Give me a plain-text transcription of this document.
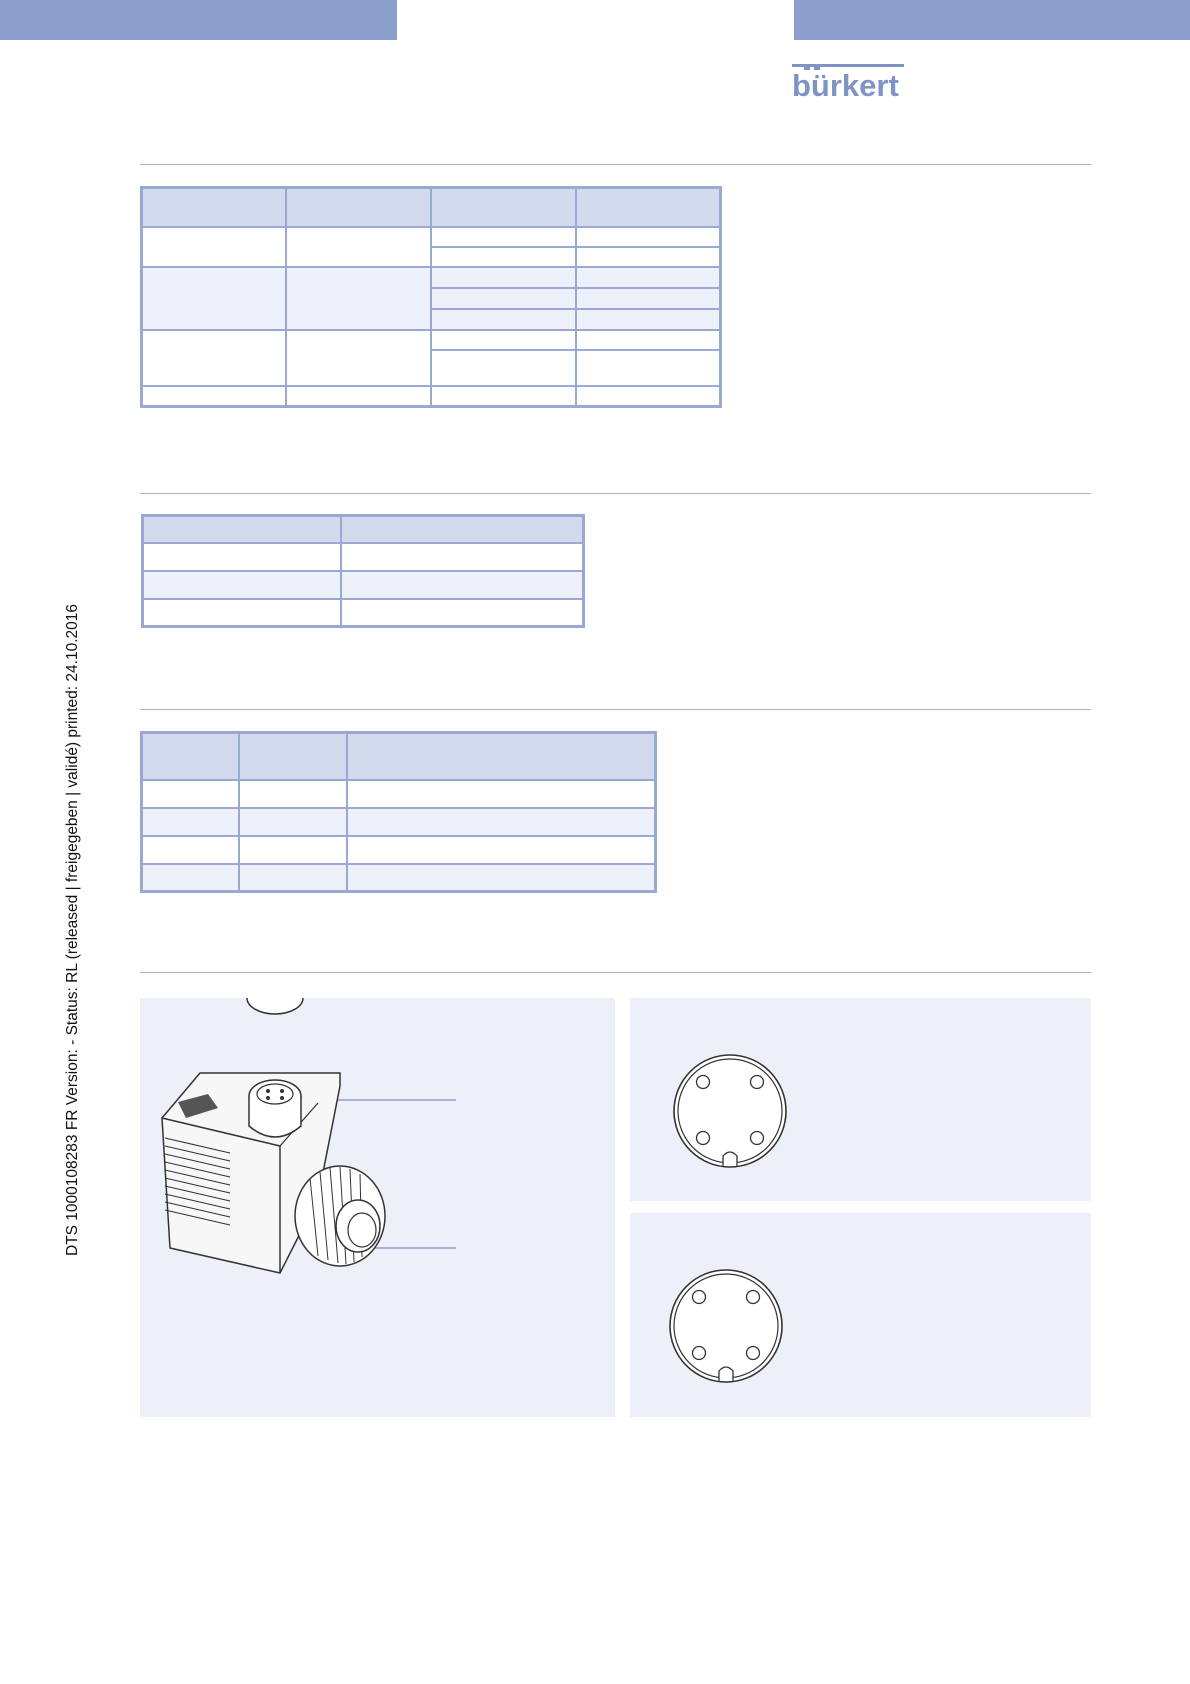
bürkert
DTS 1000108283 FR Version: - Status: RL (released | freigegeben | validé) printed: 24.10.2016
